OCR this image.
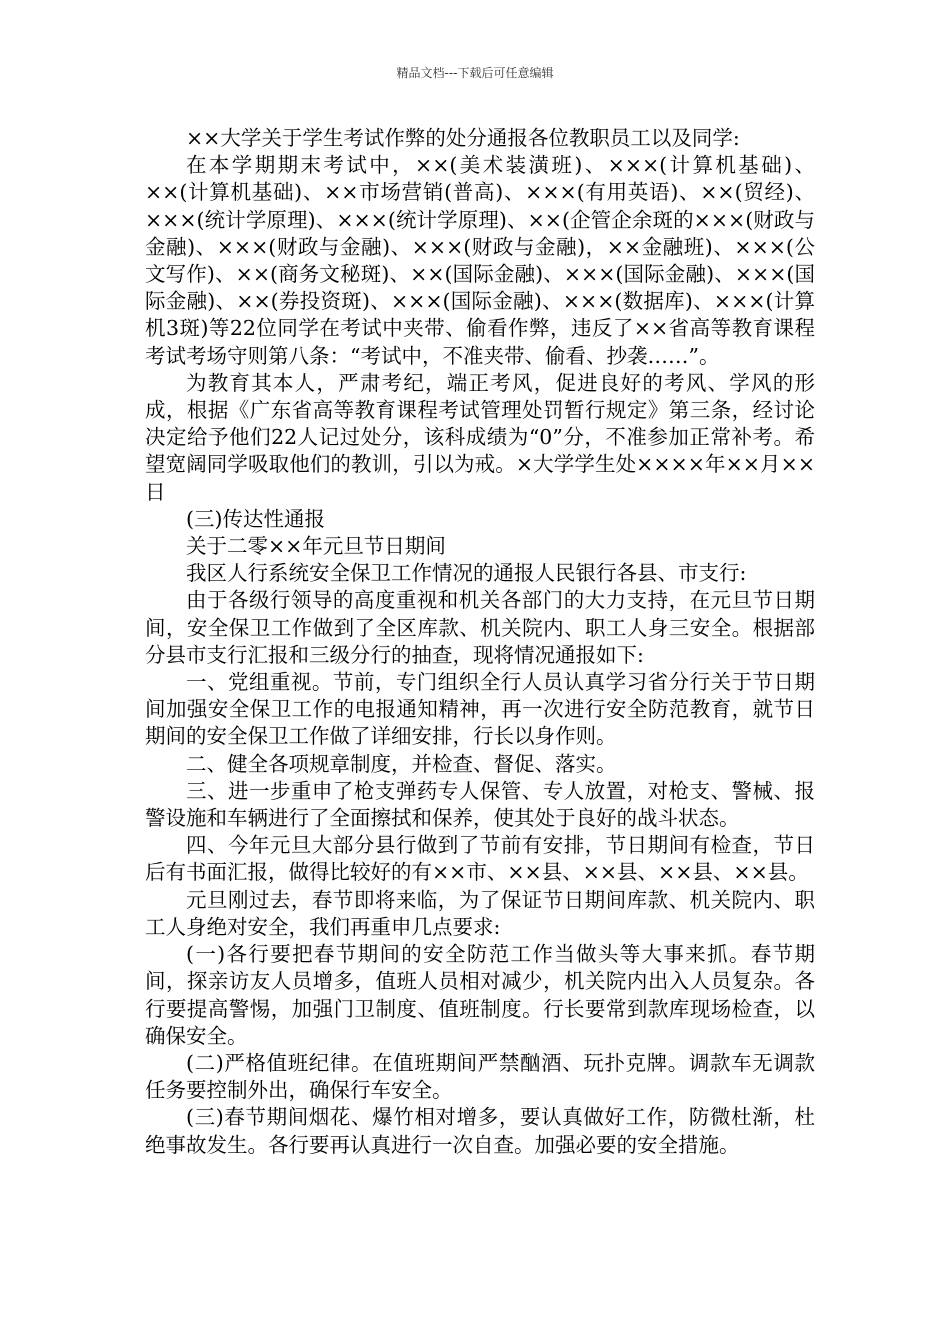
精品文档---下载后可任意编辑

××大学关于学生考试作弊的处分通报各位教职员工以及同学:

在本学期期末考试中，××(美术装潢班)、×××(计算机基础)、××(计算机基础)、××市场营销(普高)、×××(有用英语)、××(贸经)、×××(统计学原理)、×××(统计学原理)、××(企管企余斑的×××(财政与金融)、×××(财政与金融)、×××(财政与金融)，××金融班)、×××(公文写作)、××(商务文秘斑)、××(国际金融)、×××(国际金融)、×××(国际金融)、××(券投资斑)、×××(国际金融)、×××(数据库)、×××(计算机3斑)等22位同学在考试中夹带、偷看作弊，违反了××省高等教育课程考试考场守则第八条：“考试中，不准夹带、偷看、抄袭……”。

为教育其本人，严肃考纪，端正考风，促进良好的考风、学风的形成，根据《广东省高等教育课程考试管理处罚暂行规定》第三条，经讨论决定给予他们22人记过处分，该科成绩为“0”分，不准参加正常补考。希望宽阔同学吸取他们的教训，引以为戒。×大学学生处××××年××月××日

(三)传达性通报

关于二零××年元旦节日期间

我区人行系统安全保卫工作情况的通报人民银行各县、市支行:

由于各级行领导的高度重视和机关各部门的大力支持，在元旦节日期间，安全保卫工作做到了全区库款、机关院内、职工人身三安全。根据部分县市支行汇报和三级分行的抽查，现将情况通报如下:

一、党组重视。节前，专门组织全行人员认真学习省分行关于节日期间加强安全保卫工作的电报通知精神，再一次进行安全防范教育，就节日期间的安全保卫工作做了详细安排，行长以身作则。

二、健全各项规章制度，并检查、督促、落实。

三、进一步重申了枪支弹药专人保管、专人放置，对枪支、警械、报警设施和车辆进行了全面擦拭和保养，使其处于良好的战斗状态。

四、今年元旦大部分县行做到了节前有安排，节日期间有检查，节日后有书面汇报，做得比较好的有××市、××县、××县、××县、××县。

元旦刚过去，春节即将来临，为了保证节日期间库款、机关院内、职工人身绝对安全，我们再重申几点要求:

(一)各行要把春节期间的安全防范工作当做头等大事来抓。春节期间，探亲访友人员增多，值班人员相对减少，机关院内出入人员复杂。各行要提高警惕，加强门卫制度、值班制度。行长要常到款库现场检查，以确保安全。

(二)严格值班纪律。在值班期间严禁酗酒、玩扑克牌。调款车无调款任务要控制外出，确保行车安全。

(三)春节期间烟花、爆竹相对增多，要认真做好工作，防微杜渐，杜绝事故发生。各行要再认真进行一次自查。加强必要的安全措施。
